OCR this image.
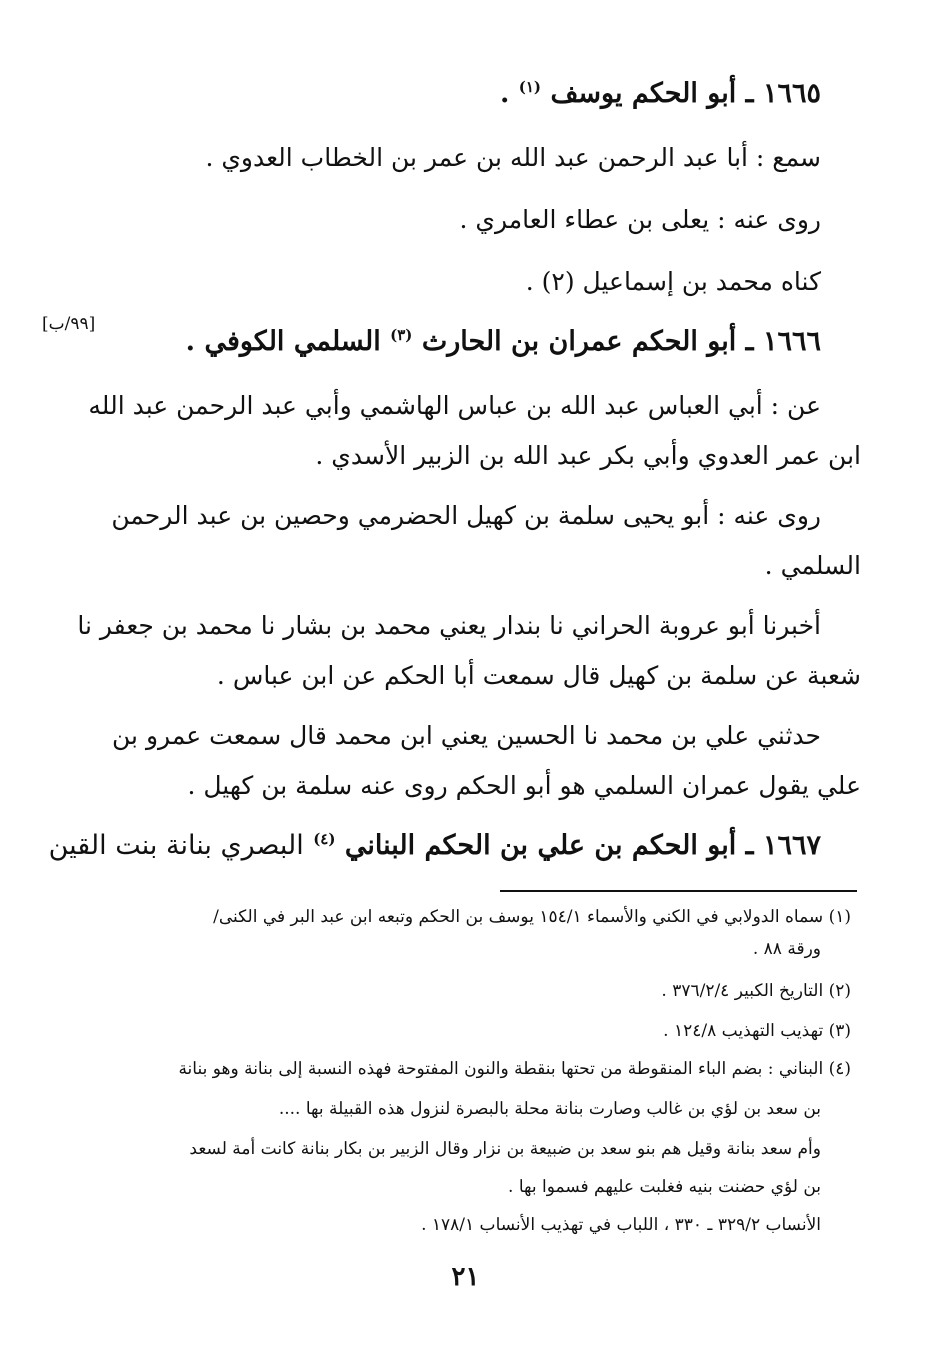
١٦٦٥ ـ أبو الحكم يوسف $^{(١)}$ .
سمع : أبا عبد الرحمن عبد الله بن عمر بن الخطاب العدوي .
روى عنه : يعلى بن عطاء العامري .
كناه محمد بن إسماعيل (٢) .
[٩٩/ب]
١٦٦٦ ـ أبو الحكم عمران بن الحارث $^{(٣)}$ السلمي الكوفي .
عن : أبي العباس عبد الله بن عباس الهاشمي وأبي عبد الرحمن عبد الله
ابن عمر العدوي وأبي بكر عبد الله بن الزبير الأسدي .
روى عنه : أبو يحيى سلمة بن كهيل الحضرمي وحصين بن عبد الرحمن
السلمي .
أخبرنا أبو عروبة الحراني نا بندار يعني محمد بن بشار نا محمد بن جعفر نا
شعبة عن سلمة بن كهيل قال سمعت أبا الحكم عن ابن عباس .
حدثني علي بن محمد نا الحسين يعني ابن محمد قال سمعت عمرو بن
علي يقول عمران السلمي هو أبو الحكم روى عنه سلمة بن كهيل .
١٦٦٧ ـ أبو الحكم بن علي بن الحكم البناني $^{(٤)}$ البصري بنانة بنت القين
(١) سماه الدولابي في الكني والأسماء ١٥٤/١ يوسف بن الحكم وتبعه ابن عبد البر في الكنى/
ورقة ٨٨ .
(٢) التاريخ الكبير ٣٧٦/٢/٤ .
(٣) تهذيب التهذيب ١٢٤/٨ .
(٤) البناني : بضم الباء المنقوطة من تحتها بنقطة والنون المفتوحة فهذه النسبة إلى بنانة وهو بنانة
بن سعد بن لؤي بن غالب وصارت بنانة محلة بالبصرة لنزول هذه القبيلة بها ....
وأم سعد بنانة وقيل هم بنو سعد بن ضبيعة بن نزار وقال الزبير بن بكار بنانة كانت أمة لسعد
بن لؤي حضنت بنيه فغلبت عليهم فسموا بها .
الأنساب ٣٢٩/٢ ـ ٣٣٠ ، اللباب في تهذيب الأنساب ١٧٨/١ .
٢١
